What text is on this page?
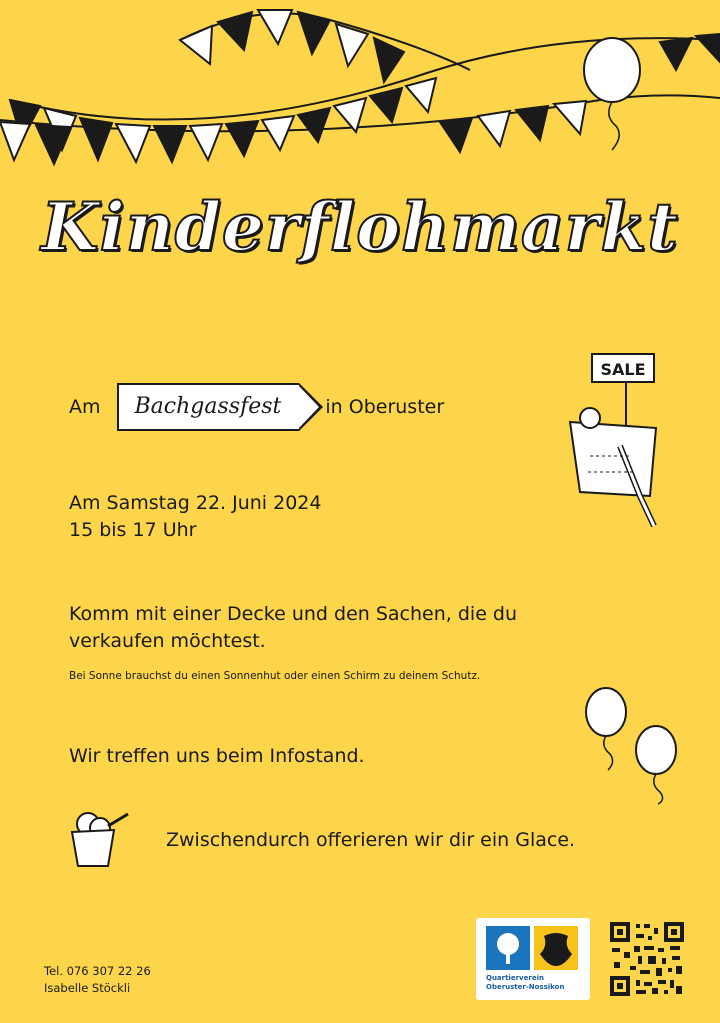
Kinderflohmarkt
Am	Bachgassfest	in Oberuster
SALE
Am Samstag 22. Juni 2024
15 bis 17 Uhr
Komm mit einer Decke und den Sachen, die du
verkaufen möchtest.
Bei Sonne brauchst du einen Sonnenhut oder einen Schirm zu deinem Schutz.
Wir treffen uns beim Infostand.
Zwischendurch offerieren wir dir ein Glace.
Tel. 076 307 22 26
Isabelle Stöckli
Quartierverein
Oberuster-Nossikon
